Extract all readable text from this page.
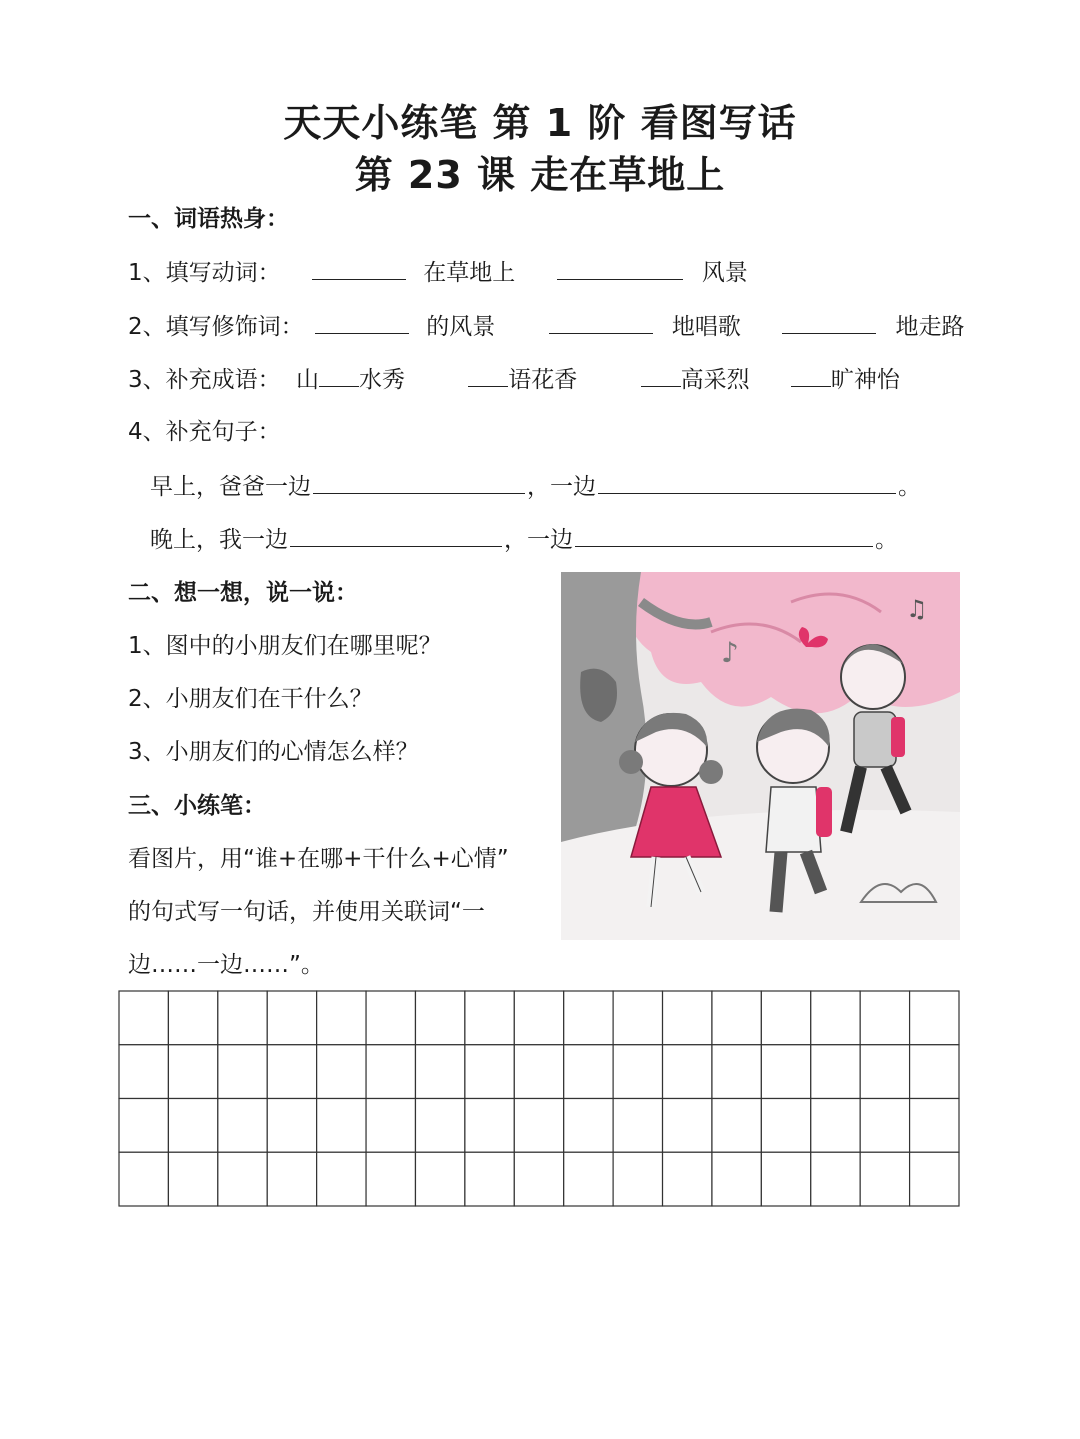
天天小练笔 第 1 阶 看图写话
第 23 课 走在草地上
一、词语热身：
1、填写动词：	在草地上	风景
2、填写修饰词：	的风景	地唱歌	地走路
3、补充成语： 山 水秀	语花香	高采烈	旷神怡
4、补充句子：
早上，爸爸一边	，一边	。
晚上，我一边	，一边	。
二、想一想，说一说：
1、图中的小朋友们在哪里呢？
2、小朋友们在干什么？
3、小朋友们的心情怎么样？
三、小练笔：
看图片，用“谁+在哪+干什么+心情”
的句式写一句话，并使用关联词“一
边……一边……”。
♪
♫
